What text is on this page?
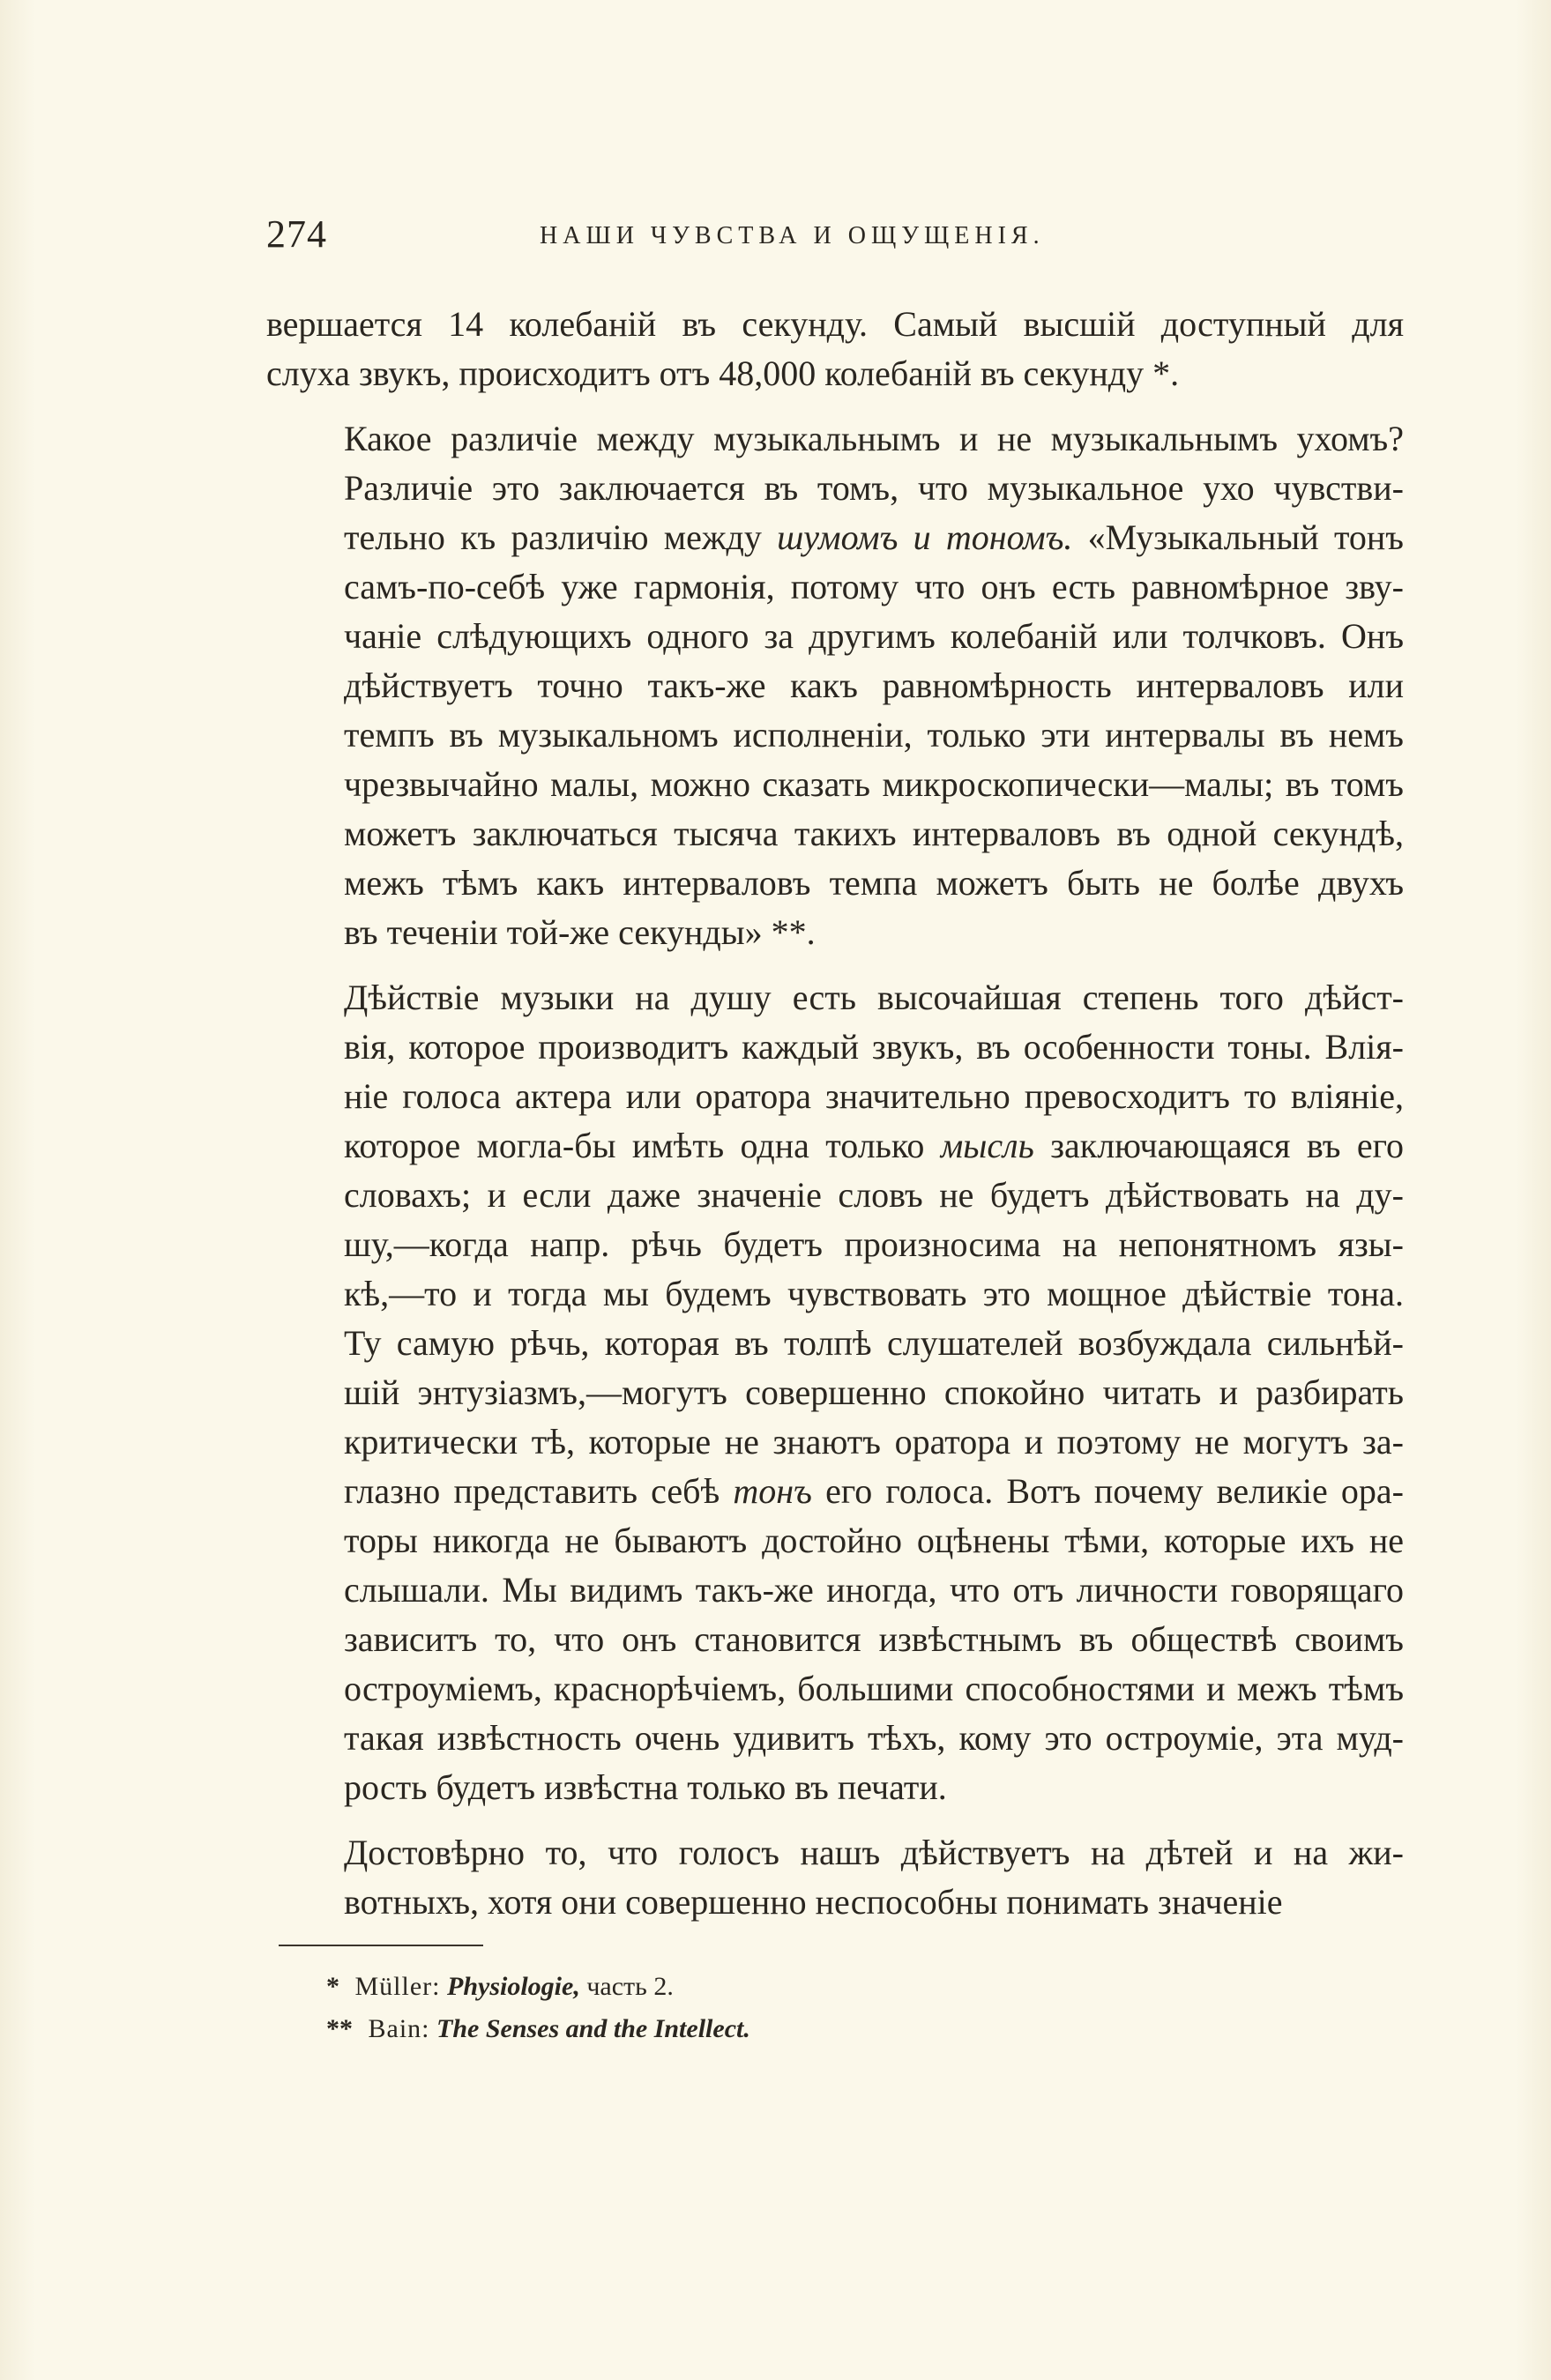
274	НАШИ ЧУВСТВА И ОЩУЩЕНІЯ.

вершается 14 колебаній въ секунду. Самый высшій доступный для
слуха звукъ, происходитъ отъ 48,000 колебаній въ секунду *.

Какое различіе между музыкальнымъ и не музыкальнымъ ухомъ?
Различіе это заключается въ томъ, что музыкальное ухо чувстви-
тельно къ различію между шумомъ и тономъ. «Музыкальный тонъ
самъ-по-себѣ уже гармонія, потому что онъ есть равномѣрное зву-
чаніе слѣдующихъ одного за другимъ колебаній или толчковъ. Онъ
дѣйствуетъ точно такъ-же какъ равномѣрность интерваловъ или
темпъ въ музыкальномъ исполненіи, только эти интервалы въ немъ
чрезвычайно малы, можно сказать микроскопически—малы; въ томъ
можетъ заключаться тысяча такихъ интерваловъ въ одной секундѣ,
межъ тѣмъ какъ интерваловъ темпа можетъ быть не болѣе двухъ
въ теченіи той-же секунды» **.

Дѣйствіе музыки на душу есть высочайшая степень того дѣйст-
вія, которое производитъ каждый звукъ, въ особенности тоны. Влія-
ніе голоса актера или оратора значительно превосходитъ то вліяніе,
которое могла-бы имѣть одна только мысль заключающаяся въ его
словахъ; и если даже значеніе словъ не будетъ дѣйствовать на ду-
шу,—когда напр. рѣчь будетъ произносима на непонятномъ язы-
кѣ,—то и тогда мы будемъ чувствовать это мощное дѣйствіе тона.
Ту самую рѣчь, которая въ толпѣ слушателей возбуждала сильнѣй-
шій энтузіазмъ,—могутъ совершенно спокойно читать и разбирать
критически тѣ, которые не знаютъ оратора и поэтому не могутъ за-
глазно представить себѣ тонъ его голоса. Вотъ почему великіе ора-
торы никогда не бываютъ достойно оцѣнены тѣми, которые ихъ не
слышали. Мы видимъ такъ-же иногда, что отъ личности говорящаго
зависитъ то, что онъ становится извѣстнымъ въ обществѣ своимъ
остроуміемъ, краснорѣчіемъ, большими способностями и межъ тѣмъ
такая извѣстность очень удивитъ тѣхъ, кому это остроуміе, эта муд-
рость будетъ извѣстна только въ печати.

Достовѣрно то, что голосъ нашъ дѣйствуетъ на дѣтей и на жи-
вотныхъ, хотя они совершенно неспособны понимать значеніе

* Müller: Physiologie, часть 2.
** Bain: The Senses and the Intellect.
